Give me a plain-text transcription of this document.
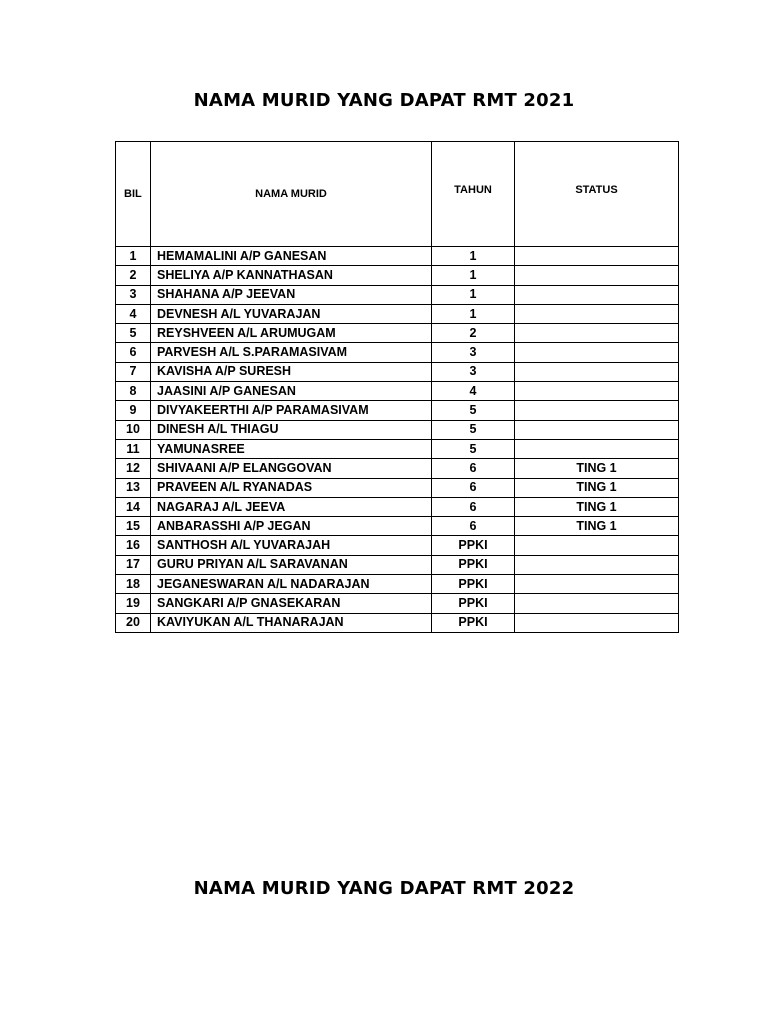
NAMA MURID YANG DAPAT RMT 2021
BIL	NAMA MURID	TAHUN	STATUS

1	HEMAMALINI A/P GANESAN	1	
2	SHELIYA A/P KANNATHASAN	1	
3	SHAHANA A/P JEEVAN	1	
4	DEVNESH A/L YUVARAJAN	1	
5	REYSHVEEN A/L ARUMUGAM	2	
6	PARVESH A/L S.PARAMASIVAM	3	
7	KAVISHA A/P SURESH	3	
8	JAASINI A/P GANESAN	4	
9	DIVYAKEERTHI A/P PARAMASIVAM	5	
10	DINESH A/L THIAGU	5	
11	YAMUNASREE	5	
12	SHIVAANI A/P ELANGGOVAN	6	TING 1
13	PRAVEEN A/L RYANADAS	6	TING 1
14	NAGARAJ A/L JEEVA	6	TING 1
15	ANBARASSHI A/P JEGAN	6	TING 1
16	SANTHOSH A/L YUVARAJAH	PPKI	
17	GURU PRIYAN A/L SARAVANAN	PPKI	
18	JEGANESWARAN A/L NADARAJAN	PPKI	
19	SANGKARI A/P GNASEKARAN	PPKI	
20	KAVIYUKAN A/L THANARAJAN	PPKI	
NAMA MURID YANG DAPAT RMT 2022
